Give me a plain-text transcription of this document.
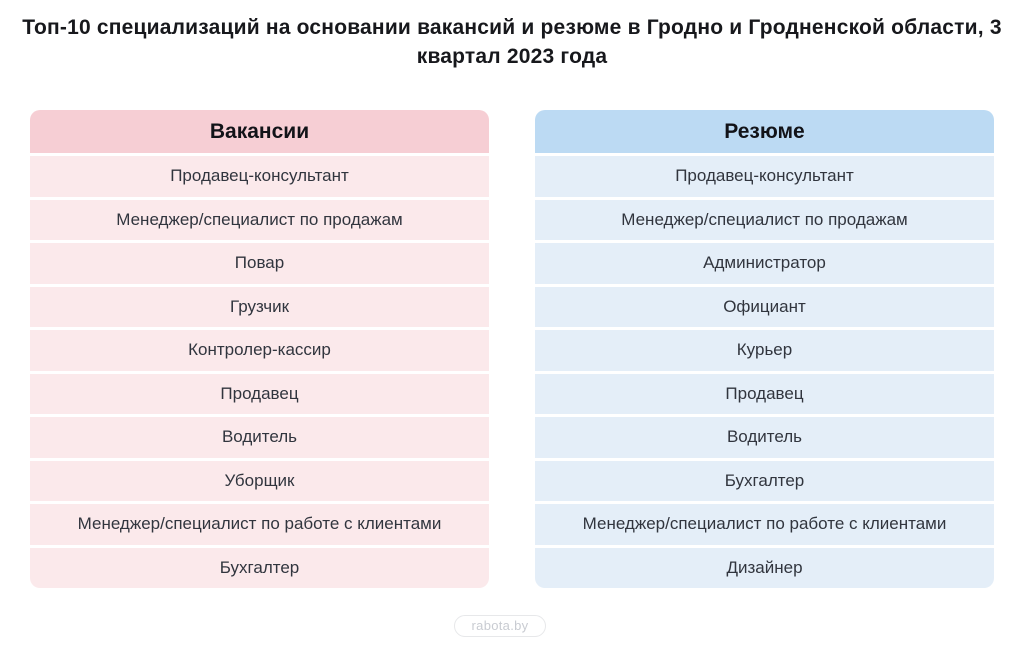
Топ-10 специализаций на основании вакансий и резюме в Гродно и Гродненской области, 3 квартал 2023 года
Вакансии
Продавец-консультант
Менеджер/специалист по продажам
Повар
Грузчик
Контролер-кассир
Продавец
Водитель
Уборщик
Менеджер/специалист по работе с клиентами
Бухгалтер
Резюме
Продавец-консультант
Менеджер/специалист по продажам
Администратор
Официант
Курьер
Продавец
Водитель
Бухгалтер
Менеджер/специалист по работе с клиентами
Дизайнер
rabota.by
